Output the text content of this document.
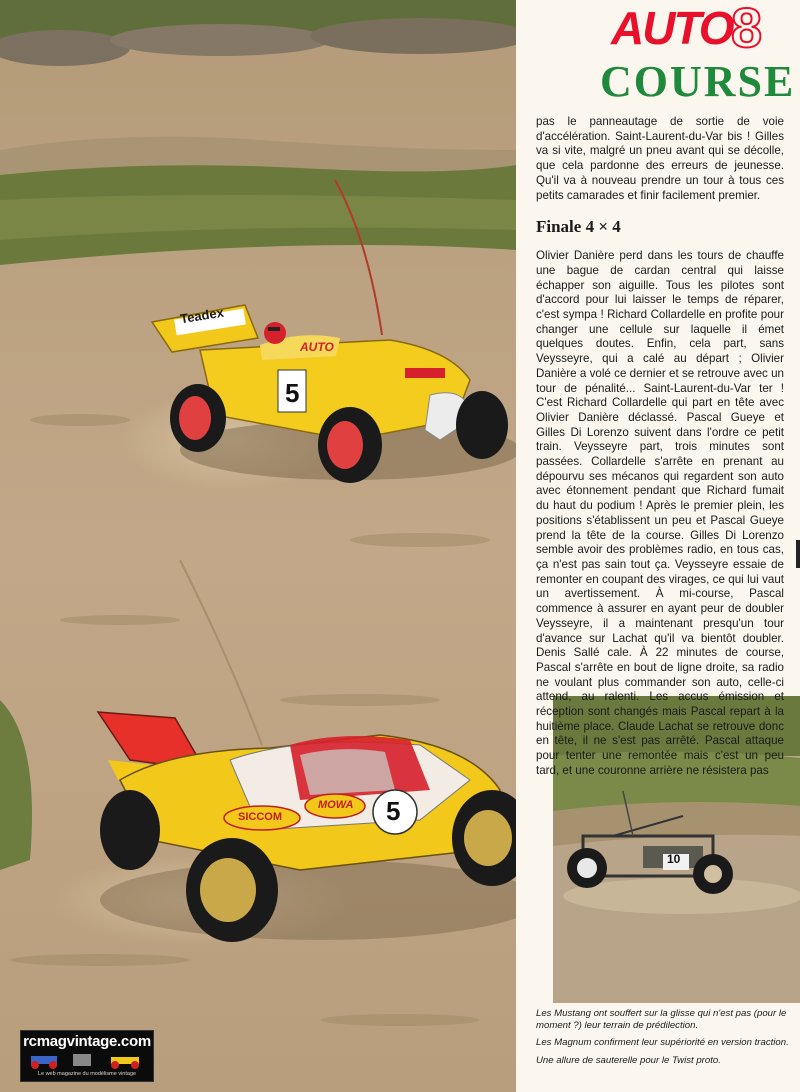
Teadex
AUTO
5
SICCOM
MOWA 5
10
AUTO
8
COURSE

pas le panneautage de sortie de voie d'accélération. Saint-Laurent-du-Var bis ! Gilles va si vite, malgré un pneu avant qui se décolle, que cela pardonne des erreurs de jeunesse. Qu'il va à nouveau prendre un tour à tous ces petits camarades et finir facilement premier.

Finale 4 × 4

Olivier Danière perd dans les tours de chauffe une bague de cardan central qui laisse échapper son aiguille. Tous les pilotes sont d'accord pour lui laisser le temps de réparer, c'est sympa ! Richard Collardelle en profite pour changer une cellule sur laquelle il émet quelques doutes. Enfin, cela part, sans Veysseyre, qui a calé au départ ; Olivier Danière a volé ce dernier et se retrouve avec un tour de pénalité... Saint-Laurent-du-Var ter ! C'est Richard Collardelle qui part en tête avec Olivier Danière déclassé. Pascal Gueye et Gilles Di Lorenzo suivent dans l'ordre ce petit train. Veysseyre part, trois minutes sont passées. Collardelle s'arrête en prenant au dépourvu ses mécanos qui regardent son auto avec étonnement pendant que Richard fumait du haut du podium ! Après le premier plein, les positions s'établissent un peu et Pascal Gueye prend la tête de la course. Gilles Di Lorenzo semble avoir des problèmes radio, en tous cas, ça n'est pas sain tout ça. Veysseyre essaie de remonter en coupant des virages, ce qui lui vaut un avertissement. À mi-course, Pascal commence à assurer en ayant peur de doubler Veysseyre, il a maintenant presqu'un tour d'avance sur Lachat qu'il va bientôt doubler. Denis Sallé cale. À 22 minutes de course, Pascal s'arrête en bout de ligne droite, sa radio ne voulant plus commander son auto, celle-ci attend, au ralenti. Les accus émission et réception sont changés mais Pascal repart à la huitième place. Claude Lachat se retrouve donc en tête, il ne s'est pas arrêté. Pascal attaque pour tenter une remontée mais c'est un peu tard, et une couronne arrière ne résistera pas

Les Mustang ont souffert sur la glisse qui n'est pas (pour le moment ?) leur terrain de prédilection.

Les Magnum confirment leur supériorité en version traction.

Une allure de sauterelle pour le Twist proto.

rcmagvintage.com
Le web magazine du modélisme vintage
